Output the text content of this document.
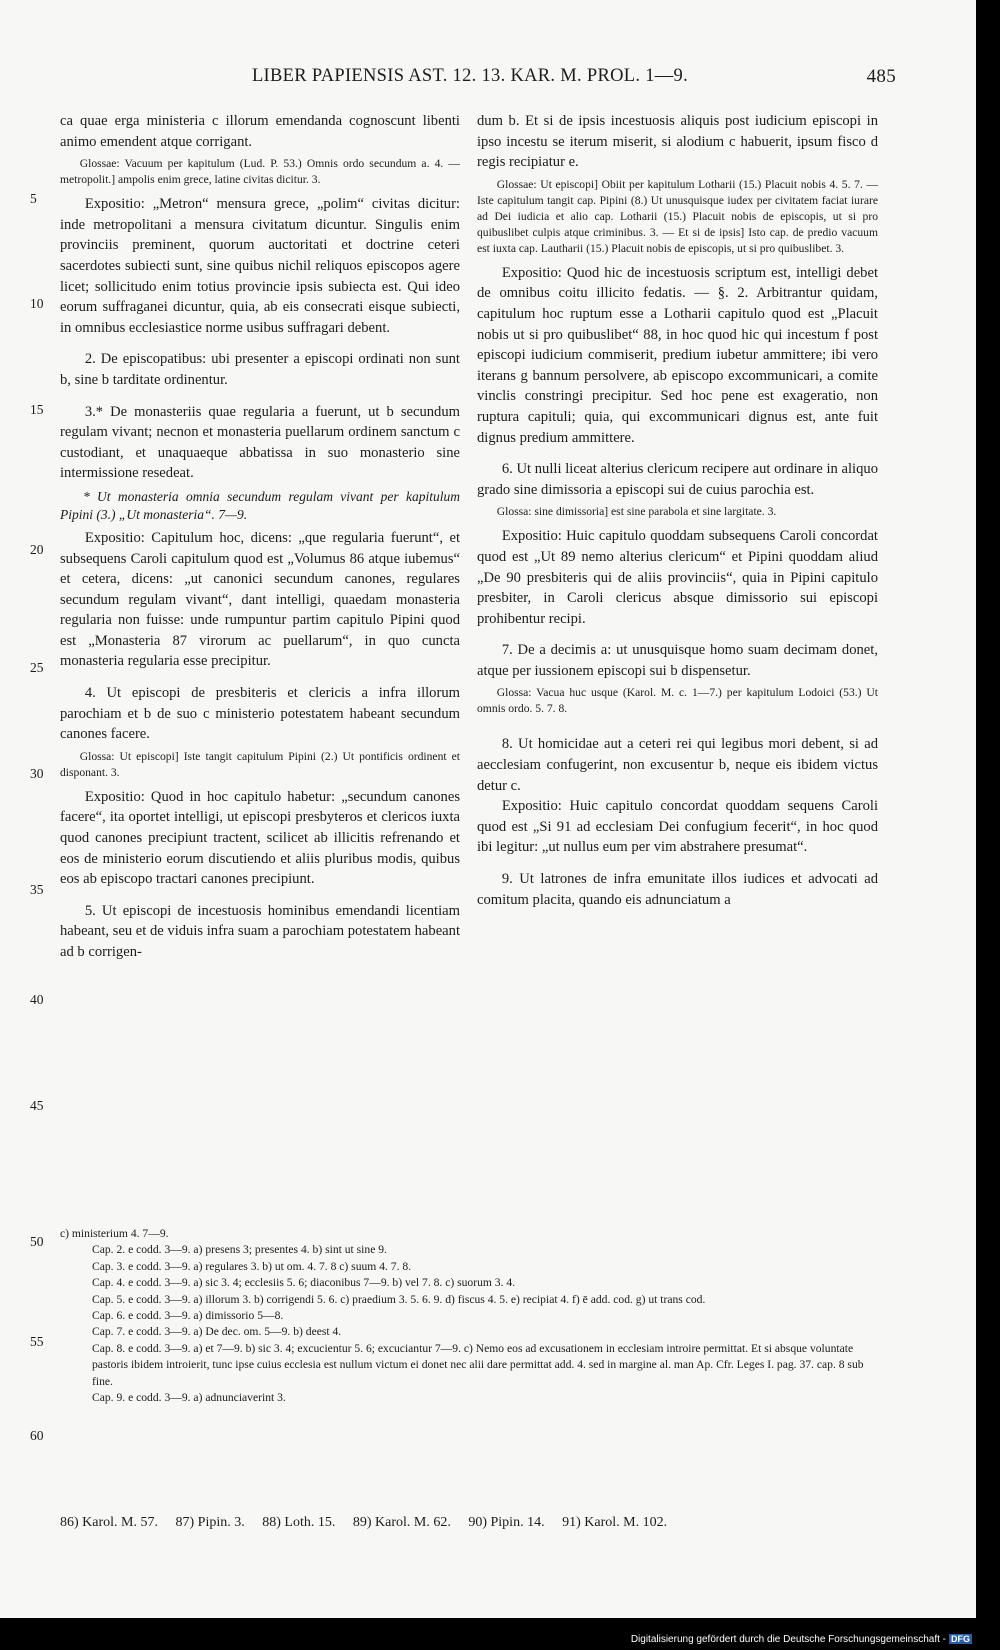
LIBER PAPIENSIS AST. 12. 13. KAR. M. PROL. 1—9.	485
5
10
15
20
25
30
35
40
45
50
55
60

ca quae erga ministeria c illorum emendanda cognoscunt libenti animo emendent atque corrigant.

Glossae: Vacuum per kapitulum (Lud. P. 53.) Omnis ordo secundum a. 4. — metropolit.] ampolis enim grece, latine civitas dicitur. 3.

Expositio: „Metron“ mensura grece, „polim“ civitas dicitur: inde metropolitani a mensura civitatum dicuntur. Singulis enim provinciis preminent, quorum auctoritati et doctrine ceteri sacerdotes subiecti sunt, sine quibus nichil reliquos episcopos agere licet; sollicitudo enim totius provincie ipsis subiecta est. Qui ideo eorum suffraganei dicuntur, quia, ab eis consecrati eisque subiecti, in omnibus ecclesiastice norme usibus suffragari debent.

2. De episcopatibus: ubi presenter a episcopi ordinati non sunt b, sine b tarditate ordinentur.

3.* De monasteriis quae regularia a fuerunt, ut b secundum regulam vivant; necnon et monasteria puellarum ordinem sanctum c custodiant, et unaquaeque abbatissa in suo monasterio sine intermissione resedeat.

* Ut monasteria omnia secundum regulam vivant per kapitulum Pipini (3.) „Ut monasteria“. 7—9.

Expositio: Capitulum hoc, dicens: „que regularia fuerunt“, et subsequens Caroli capitulum quod est „Volumus 86 atque iubemus“ et cetera, dicens: „ut canonici secundum canones, regulares secundum regulam vivant“, dant intelligi, quaedam monasteria regularia non fuisse: unde rumpuntur partim capitulo Pipini quod est „Monasteria 87 virorum ac puellarum“, in quo cuncta monasteria regularia esse precipitur.

4. Ut episcopi de presbiteris et clericis a infra illorum parochiam et b de suo c ministerio potestatem habeant secundum canones facere.

Glossa: Ut episcopi] Iste tangit capitulum Pipini (2.) Ut pontificis ordinent et disponant. 3.

Expositio: Quod in hoc capitulo habetur: „secundum canones facere“, ita oportet intelligi, ut episcopi presbyteros et clericos iuxta quod canones precipiunt tractent, scilicet ab illicitis refrenando et eos de ministerio eorum discutiendo et aliis pluribus modis, quibus eos ab episcopo tractari canones precipiunt.

5. Ut episcopi de incestuosis hominibus emendandi licentiam habeant, seu et de viduis infra suam a parochiam potestatem habeant ad b corrigen-

dum b. Et si de ipsis incestuosis aliquis post iudicium episcopi in ipso incestu se iterum miserit, si alodium c habuerit, ipsum fisco d regis recipiatur e.

Glossae: Ut episcopi] Obiit per kapitulum Lotharii (15.) Placuit nobis 4. 5. 7. — Iste capitulum tangit cap. Pipini (8.) Ut unusquisque iudex per civitatem faciat iurare ad Dei iudicia et alio cap. Lotharii (15.) Placuit nobis de episcopis, ut si pro quibuslibet culpis atque criminibus. 3. — Et si de ipsis] Isto cap. de predio vacuum est iuxta cap. Lautharii (15.) Placuit nobis de episcopis, ut si pro quibuslibet. 3.

Expositio: Quod hic de incestuosis scriptum est, intelligi debet de omnibus coitu illicito fedatis. — §. 2. Arbitrantur quidam, capitulum hoc ruptum esse a Lotharii capitulo quod est „Placuit nobis ut si pro quibuslibet“ 88, in hoc quod hic qui incestum f post episcopi iudicium commiserit, predium iubetur ammittere; ibi vero iterans g bannum persolvere, ab episcopo excommunicari, a comite vinclis constringi precipitur. Sed hoc pene est exageratio, non ruptura capituli; quia, qui excommunicari dignus est, ante fuit dignus predium ammittere.

6. Ut nulli liceat alterius clericum recipere aut ordinare in aliquo grado sine dimissoria a episcopi sui de cuius parochia est.

Glossa: sine dimissoria] est sine parabola et sine largitate. 3.

Expositio: Huic capitulo quoddam subsequens Caroli concordat quod est „Ut 89 nemo alterius clericum“ et Pipini quoddam aliud „De 90 presbiteris qui de aliis provinciis“, quia in Pipini capitulo presbiter, in Caroli clericus absque dimissorio sui episcopi prohibentur recipi.

7. De a decimis a: ut unusquisque homo suam decimam donet, atque per iussionem episcopi sui b dispensetur.

Glossa: Vacua huc usque (Karol. M. c. 1—7.) per kapitulum Lodoici (53.) Ut omnis ordo. 5. 7. 8.

8. Ut homicidae aut a ceteri rei qui legibus mori debent, si ad aecclesiam confugerint, non excusentur b, neque eis ibidem victus detur c.

Expositio: Huic capitulo concordat quoddam sequens Caroli quod est „Si 91 ad ecclesiam Dei confugium fecerit“, in hoc quod ibi legitur: „ut nullus eum per vim abstrahere presumat“.

9. Ut latrones de infra emunitate illos iudices et advocati ad comitum placita, quando eis adnunciatum a

c) ministerium 4. 7—9.

Cap. 2. e codd. 3—9. a) presens 3; presentes 4. b) sint ut sine 9.

Cap. 3. e codd. 3—9. a) regulares 3. b) ut om. 4. 7. 8 c) suum 4. 7. 8.

Cap. 4. e codd. 3—9. a) sic 3. 4; ecclesiis 5. 6; diaconibus 7—9. b) vel 7. 8. c) suorum 3. 4.

Cap. 5. e codd. 3—9. a) illorum 3. b) corrigendi 5. 6. c) praedium 3. 5. 6. 9. d) fiscus 4. 5. e) recipiat 4. f) ē add. cod. g) ut trans cod.

Cap. 6. e codd. 3—9. a) dimissorio 5—8.

Cap. 7. e codd. 3—9. a) De dec. om. 5—9. b) deest 4.

Cap. 8. e codd. 3—9. a) et 7—9. b) sic 3. 4; excucientur 5. 6; excuciantur 7—9. c) Nemo eos ad excusationem in ecclesiam introire permittat. Et si absque voluntate pastoris ibidem introierit, tunc ipse cuius ecclesia est nullum victum ei donet nec alii dare permittat add. 4. sed in margine al. man Ap. Cfr. Leges I. pag. 37. cap. 8 sub fine.

Cap. 9. e codd. 3—9. a) adnunciaverint 3.

86) Karol. M. 57. 87) Pipin. 3. 88) Loth. 15. 89) Karol. M. 62. 90) Pipin. 14. 91) Karol. M. 102.
Digitalisierung gefördert durch die Deutsche Forschungsgemeinschaft - DFG
